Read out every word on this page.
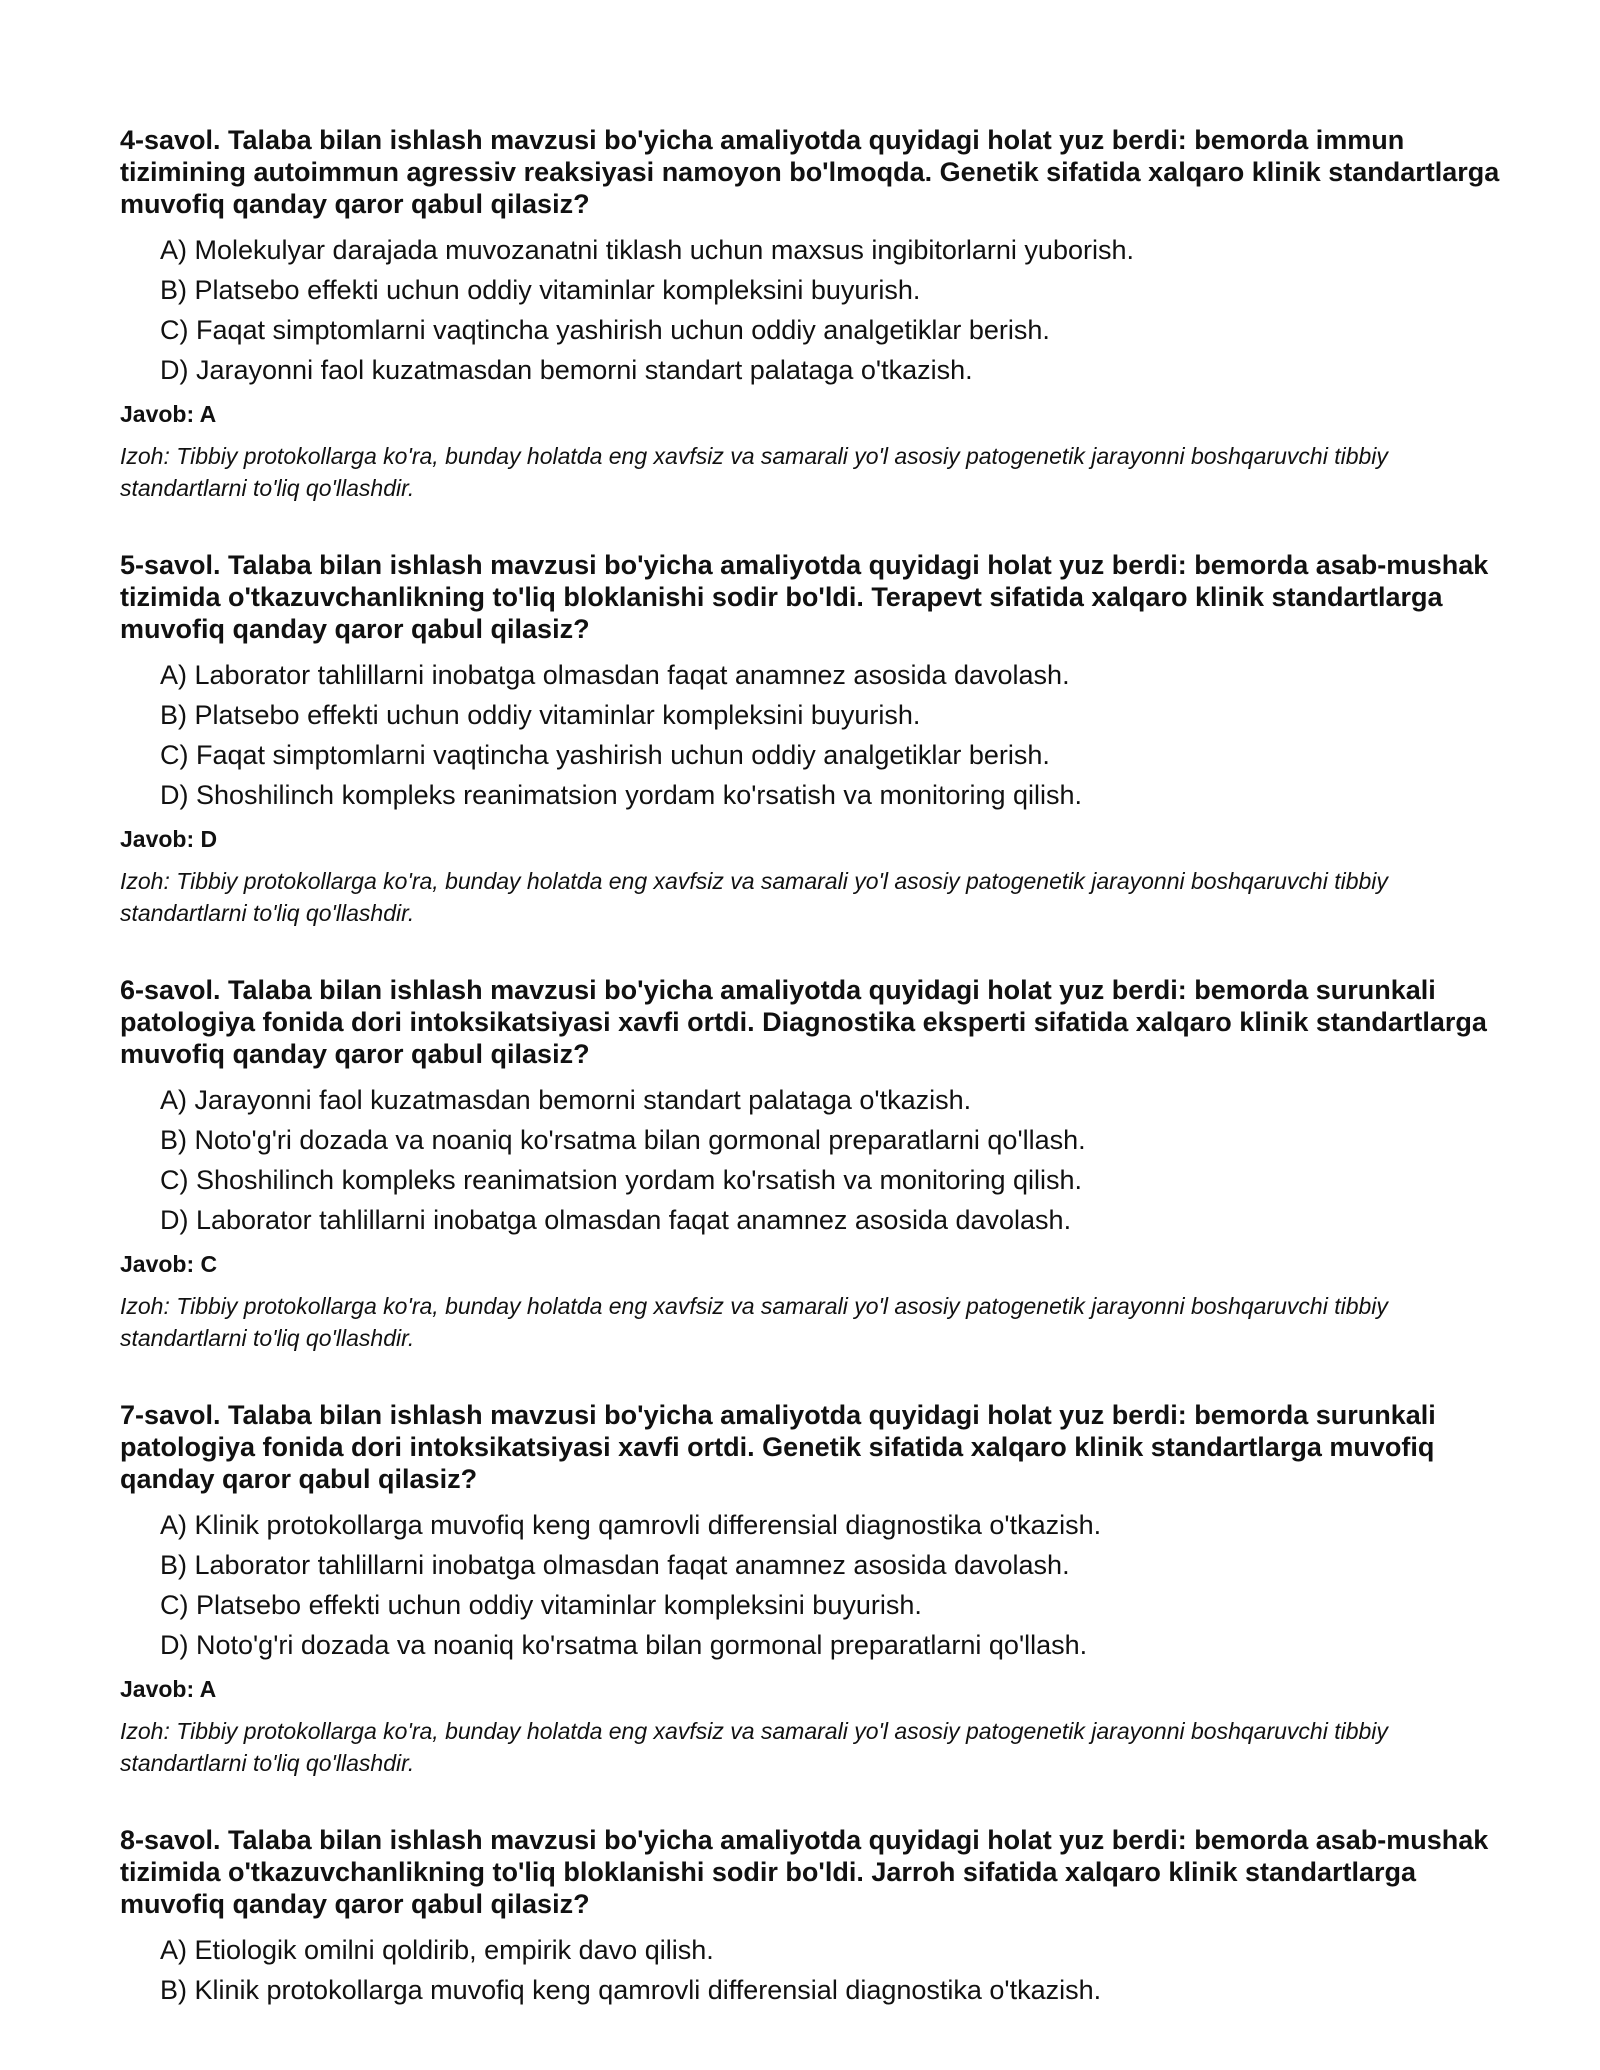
4-savol. Talaba bilan ishlash mavzusi bo'yicha amaliyotda quyidagi holat yuz berdi: bemorda immun tizimining autoimmun agressiv reaksiyasi namoyon bo'lmoqda. Genetik sifatida xalqaro klinik standartlarga muvofiq qanday qaror qabul qilasiz?

A) Molekulyar darajada muvozanatni tiklash uchun maxsus ingibitorlarni yuborish.
B) Platsebo effekti uchun oddiy vitaminlar kompleksini buyurish.
C) Faqat simptomlarni vaqtincha yashirish uchun oddiy analgetiklar berish.
D) Jarayonni faol kuzatmasdan bemorni standart palataga o'tkazish.

Javob: A

Izoh: Tibbiy protokollarga ko'ra, bunday holatda eng xavfsiz va samarali yo'l asosiy patogenetik jarayonni boshqaruvchi tibbiy standartlarni to'liq qo'llashdir.

5-savol. Talaba bilan ishlash mavzusi bo'yicha amaliyotda quyidagi holat yuz berdi: bemorda asab-mushak tizimida o'tkazuvchanlikning to'liq bloklanishi sodir bo'ldi. Terapevt sifatida xalqaro klinik standartlarga muvofiq qanday qaror qabul qilasiz?

A) Laborator tahlillarni inobatga olmasdan faqat anamnez asosida davolash.
B) Platsebo effekti uchun oddiy vitaminlar kompleksini buyurish.
C) Faqat simptomlarni vaqtincha yashirish uchun oddiy analgetiklar berish.
D) Shoshilinch kompleks reanimatsion yordam ko'rsatish va monitoring qilish.

Javob: D

Izoh: Tibbiy protokollarga ko'ra, bunday holatda eng xavfsiz va samarali yo'l asosiy patogenetik jarayonni boshqaruvchi tibbiy standartlarni to'liq qo'llashdir.

6-savol. Talaba bilan ishlash mavzusi bo'yicha amaliyotda quyidagi holat yuz berdi: bemorda surunkali patologiya fonida dori intoksikatsiyasi xavfi ortdi. Diagnostika eksperti sifatida xalqaro klinik standartlarga muvofiq qanday qaror qabul qilasiz?

A) Jarayonni faol kuzatmasdan bemorni standart palataga o'tkazish.
B) Noto'g'ri dozada va noaniq ko'rsatma bilan gormonal preparatlarni qo'llash.
C) Shoshilinch kompleks reanimatsion yordam ko'rsatish va monitoring qilish.
D) Laborator tahlillarni inobatga olmasdan faqat anamnez asosida davolash.

Javob: C

Izoh: Tibbiy protokollarga ko'ra, bunday holatda eng xavfsiz va samarali yo'l asosiy patogenetik jarayonni boshqaruvchi tibbiy standartlarni to'liq qo'llashdir.

7-savol. Talaba bilan ishlash mavzusi bo'yicha amaliyotda quyidagi holat yuz berdi: bemorda surunkali patologiya fonida dori intoksikatsiyasi xavfi ortdi. Genetik sifatida xalqaro klinik standartlarga muvofiq qanday qaror qabul qilasiz?

A) Klinik protokollarga muvofiq keng qamrovli differensial diagnostika o'tkazish.
B) Laborator tahlillarni inobatga olmasdan faqat anamnez asosida davolash.
C) Platsebo effekti uchun oddiy vitaminlar kompleksini buyurish.
D) Noto'g'ri dozada va noaniq ko'rsatma bilan gormonal preparatlarni qo'llash.

Javob: A

Izoh: Tibbiy protokollarga ko'ra, bunday holatda eng xavfsiz va samarali yo'l asosiy patogenetik jarayonni boshqaruvchi tibbiy standartlarni to'liq qo'llashdir.

8-savol. Talaba bilan ishlash mavzusi bo'yicha amaliyotda quyidagi holat yuz berdi: bemorda asab-mushak tizimida o'tkazuvchanlikning to'liq bloklanishi sodir bo'ldi. Jarroh sifatida xalqaro klinik standartlarga muvofiq qanday qaror qabul qilasiz?

A) Etiologik omilni qoldirib, empirik davo qilish.
B) Klinik protokollarga muvofiq keng qamrovli differensial diagnostika o'tkazish.
